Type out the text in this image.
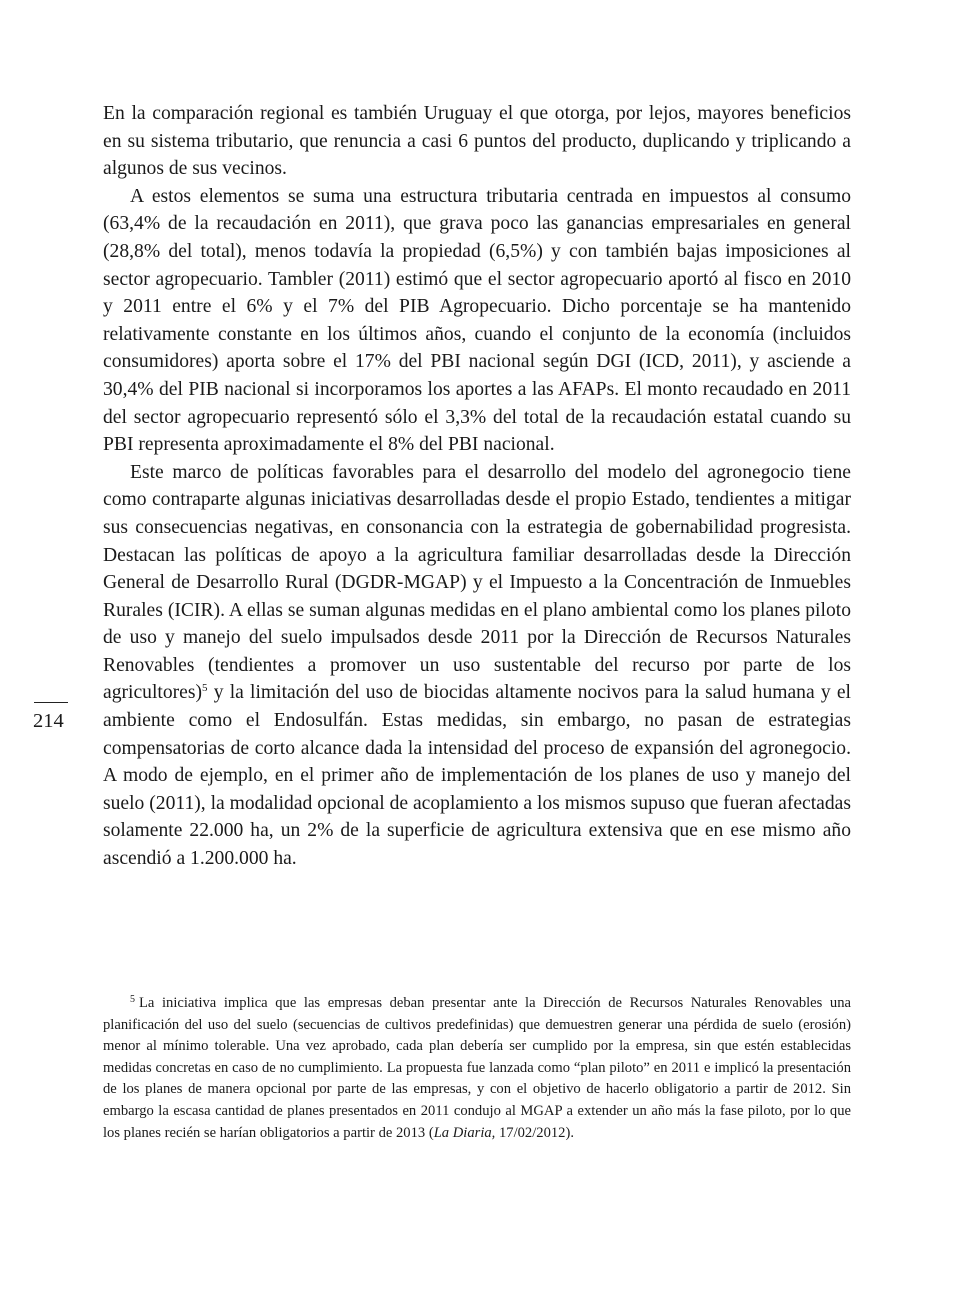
214

En la comparación regional es también Uruguay el que otorga, por lejos, mayores beneficios en su sistema tributario, que renuncia a casi 6 puntos del producto, duplicando y triplicando a algunos de sus vecinos.

A estos elementos se suma una estructura tributaria centrada en impuestos al consumo (63,4% de la recaudación en 2011), que grava poco las ganancias empresariales en general (28,8% del total), menos todavía la propiedad (6,5%) y con también bajas imposiciones al sector agropecuario. Tambler (2011) estimó que el sector agropecuario aportó al fisco en 2010 y 2011 entre el 6% y el 7% del PIB Agropecuario. Dicho porcentaje se ha mantenido relativamente constante en los últimos años, cuando el conjunto de la economía (incluidos consumidores) aporta sobre el 17% del PBI nacional según DGI (ICD, 2011), y asciende a 30,4% del PIB nacional si incorporamos los aportes a las AFAPs. El monto recaudado en 2011 del sector agropecuario representó sólo el 3,3% del total de la recaudación estatal cuando su PBI representa aproximadamente el 8% del PBI nacional.

Este marco de políticas favorables para el desarrollo del modelo del agronegocio tiene como contraparte algunas iniciativas desarrolladas desde el propio Estado, tendientes a mitigar sus consecuencias negativas, en consonancia con la estrategia de gobernabilidad progresista. Destacan las políticas de apoyo a la agricultura familiar desarrolladas desde la Dirección General de Desarrollo Rural (DGDR-MGAP) y el Impuesto a la Concentración de Inmuebles Rurales (ICIR). A ellas se suman algunas medidas en el plano ambiental como los planes piloto de uso y manejo del suelo impulsados desde 2011 por la Dirección de Recursos Naturales Renovables (tendientes a promover un uso sustentable del recurso por parte de los agricultores)$^5$ y la limitación del uso de biocidas altamente nocivos para la salud humana y el ambiente como el Endosulfán. Estas medidas, sin embargo, no pasan de estrategias compensatorias de corto alcance dada la intensidad del proceso de expansión del agronegocio. A modo de ejemplo, en el primer año de implementación de los planes de uso y manejo del suelo (2011), la modalidad opcional de acoplamiento a los mismos supuso que fueran afectadas solamente 22.000 ha, un 2% de la superficie de agricultura extensiva que en ese mismo año ascendió a 1.200.000 ha.

$^5$ La iniciativa implica que las empresas deban presentar ante la Dirección de Recursos Naturales Renovables una planificación del uso del suelo (secuencias de cultivos predefinidas) que demuestren generar una pérdida de suelo (erosión) menor al mínimo tolerable. Una vez aprobado, cada plan debería ser cumplido por la empresa, sin que estén establecidas medidas concretas en caso de no cumplimiento. La propuesta fue lanzada como “plan piloto” en 2011 e implicó la presentación de los planes de manera opcional por parte de las empresas, y con el objetivo de hacerlo obligatorio a partir de 2012. Sin embargo la escasa cantidad de planes presentados en 2011 condujo al MGAP a extender un año más la fase piloto, por lo que los planes recién se harían obligatorios a partir de 2013 (La Diaria, 17/02/2012).
